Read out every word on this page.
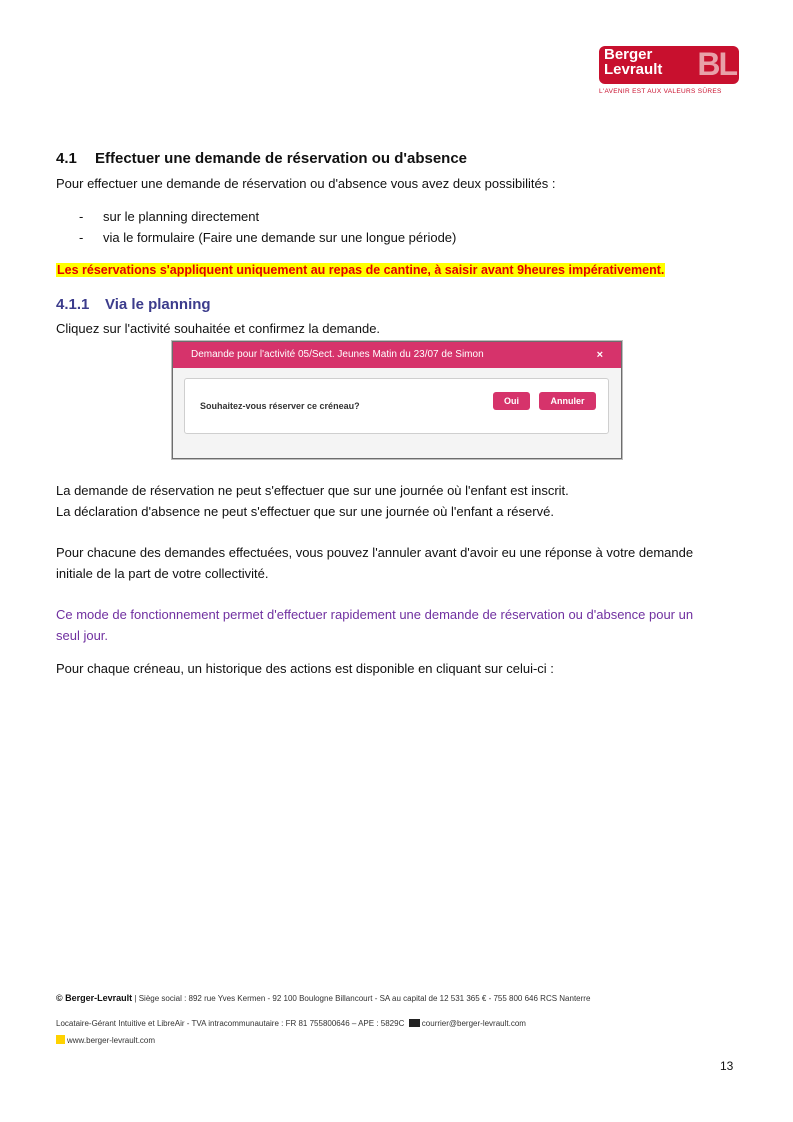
Berger
Levrault BL
L'AVENIR EST AUX VALEURS SÛRES
4.1 Effectuer une demande de réservation ou d'absence
Pour effectuer une demande de réservation ou d'absence vous avez deux possibilités :
- sur le planning directement
- via le formulaire (Faire une demande sur une longue période)
Les réservations s'appliquent uniquement au repas de cantine, à saisir avant 9heures impérativement.
4.1.1 Via le planning
Cliquez sur l'activité souhaitée et confirmez la demande.
Demande pour l'activité 05/Sect. Jeunes Matin du 23/07 de Simon	×
Souhaitez-vous réserver ce créneau?	Oui	Annuler
La demande de réservation ne peut s'effectuer que sur une journée où l'enfant est inscrit.
La déclaration d'absence ne peut s'effectuer que sur une journée où l'enfant a réservé.
Pour chacune des demandes effectuées, vous pouvez l'annuler avant d'avoir eu une réponse à votre demande
initiale de la part de votre collectivité.
Ce mode de fonctionnement permet d'effectuer rapidement une demande de réservation ou d'absence pour un
seul jour.
Pour chaque créneau, un historique des actions est disponible en cliquant sur celui-ci :
© Berger-Levrault | Siège social : 892 rue Yves Kermen - 92 100 Boulogne Billancourt - SA au capital de 12 531 365 € - 755 800 646 RCS Nanterre
Locataire-Gérant Intuitive et LibreAir - TVA intracommunautaire : FR 81 755800646 – APE : 5829C courrier@berger-levrault.com
www.berger-levrault.com
13
